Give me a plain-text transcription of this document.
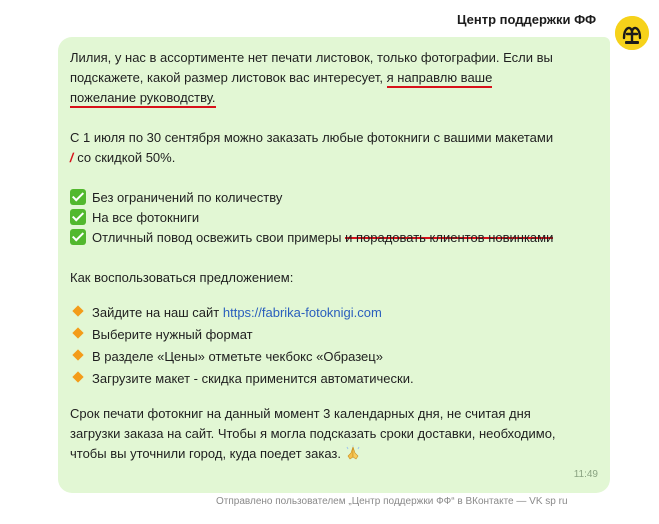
Центр поддержки ФФ
Лилия, у нас в ассортименте нет печати листовок, только фотографии. Если вы
подскажете, какой размер листовок вас интересует, я направлю ваше
пожелание руководству.
С 1 июля по 30 сентября можно заказать любые фотокниги с вашими макетами
/ со скидкой 50%.
Без ограничений по количеству
На все фотокниги
Отличный повод освежить свои примеры и порадовать клиентов новинками
Как воспользоваться предложением:
Зайдите на наш сайт https://fabrika-fotoknigi.com
Выберите нужный формат
В разделе «Цены» отметьте чекбокс «Образец»
Загрузите макет - скидка применится автоматически.
Срок печати фотокниг на данный момент 3 календарных дня, не считая дня
загрузки заказа на сайт. Чтобы я могла подсказать сроки доставки, необходимо,
чтобы вы уточнили город, куда поедет заказ.
11:49
Отправлено пользователем „Центр поддержки ФФ“ в ВКонтакте — VK sp ru
